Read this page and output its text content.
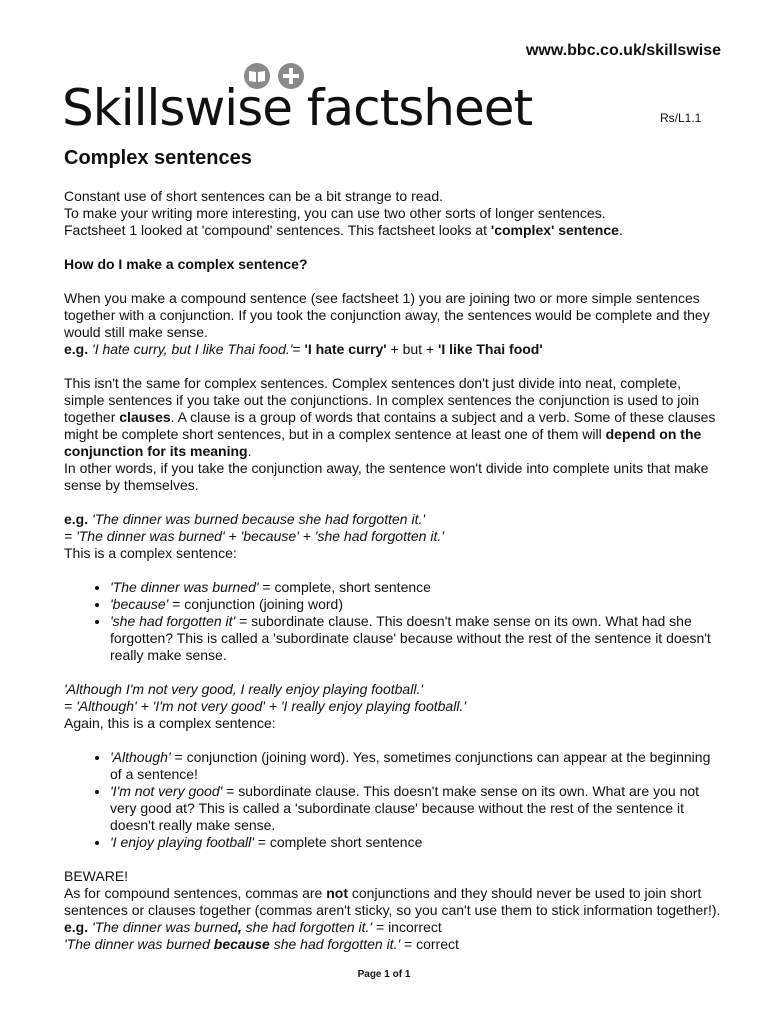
www.bbc.co.uk/skillswise
Skillswise factsheet	Rs/L1.1
Complex sentences

Constant use of short sentences can be a bit strange to read.
To make your writing more interesting, you can use two other sorts of longer sentences.
Factsheet 1 looked at 'compound' sentences. This factsheet looks at 'complex' sentence.

How do I make a complex sentence?

When you make a compound sentence (see factsheet 1) you are joining two or more simple sentences together with a conjunction. If you took the conjunction away, the sentences would be complete and they would still make sense.
e.g. 'I hate curry, but I like Thai food.'= 'I hate curry' + but + 'I like Thai food'

This isn't the same for complex sentences. Complex sentences don't just divide into neat, complete, simple sentences if you take out the conjunctions. In complex sentences the conjunction is used to join together clauses. A clause is a group of words that contains a subject and a verb. Some of these clauses might be complete short sentences, but in a complex sentence at least one of them will depend on the conjunction for its meaning.
In other words, if you take the conjunction away, the sentence won't divide into complete units that make sense by themselves.

e.g. 'The dinner was burned because she had forgotten it.'
= 'The dinner was burned' + 'because' + 'she had forgotten it.'
This is a complex sentence:

• 'The dinner was burned' = complete, short sentence
• 'because' = conjunction (joining word)
• 'she had forgotten it' = subordinate clause. This doesn't make sense on its own. What had she forgotten? This is called a 'subordinate clause' because without the rest of the sentence it doesn't really make sense.

'Although I'm not very good, I really enjoy playing football.'
= 'Although' + 'I'm not very good' + 'I really enjoy playing football.'
Again, this is a complex sentence:

• 'Although' = conjunction (joining word). Yes, sometimes conjunctions can appear at the beginning of a sentence!
• 'I'm not very good' = subordinate clause. This doesn't make sense on its own. What are you not very good at? This is called a 'subordinate clause' because without the rest of the sentence it doesn't really make sense.
• 'I enjoy playing football' = complete short sentence

BEWARE!
As for compound sentences, commas are not conjunctions and they should never be used to join short sentences or clauses together (commas aren't sticky, so you can't use them to stick information together!).
e.g. 'The dinner was burned, she had forgotten it.' = incorrect
'The dinner was burned because she had forgotten it.' = correct

Page 1 of 1
